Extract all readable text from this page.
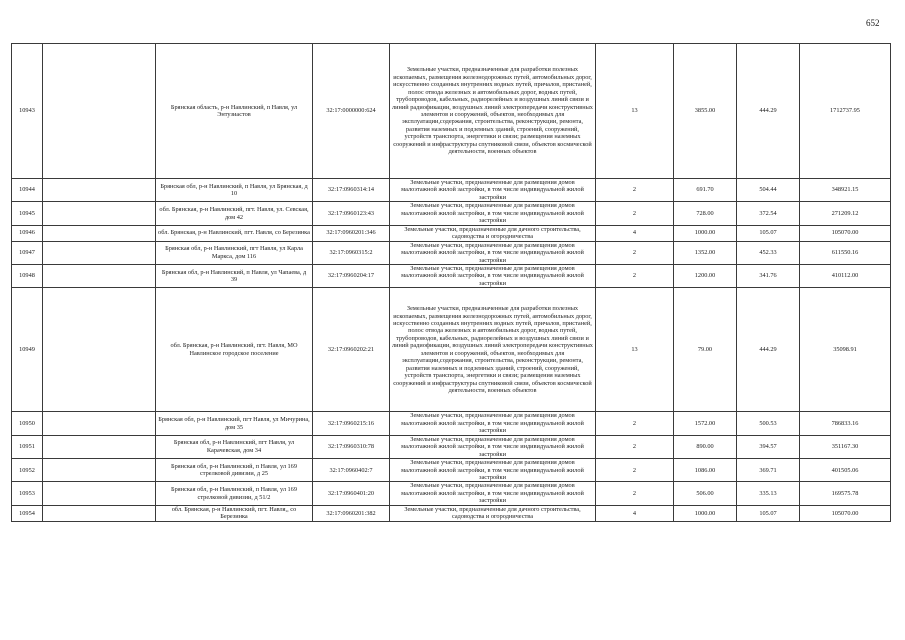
652
10943		Брянская область, р-н Навлинский, п Навля, ул Энтузиастов	32:17:0000000:624	Земельные участки, предназначенные для разработки полезных ископаемых, размещения железнодорожных путей, автомобильных дорог, искусственно созданных внутренних водных путей, причалов, пристаней, полос отвода железных и автомобильных дорог, водных путей, трубопроводов, кабельных, радиорелейных и воздушных линий связи и линий радиофикации, воздушных линий электропередачи конструктивных элементов и сооружений, объектов, необходимых для эксплуатации,содержания, строительства, реконструкции, ремонта, развития наземных и подземных зданий, строений, сооружений, устройств транспорта, энергетики и связи; размещения наземных сооружений и инфраструктуры спутниковой связи, объектов космической деятельности, военных объектов	13	3855.00	444.29	1712737.95
10944		Брянская обл, р-н Навлинский, п Навля, ул Брянская, д 10	32:17:0960314:14	Земельные участки, предназначенные для размещения домов малоэтажной жилой застройки, в том числе индивидуальной жилой застройки	2	691.70	504.44	348921.15
10945		обл. Брянская, р-н Навлинский, пгт. Навля, ул. Севская, дом 42	32:17:0960123:43	Земельные участки, предназначенные для размещения домов малоэтажной жилой застройки, в том числе индивидуальной жилой застройки	2	728.00	372.54	271209.12
10946		обл. Брянская, р-н Навлинский, пгт. Навля, со Березинка	32:17:0960201:346	Земельные участки, предназначенные для дачного строительства, садоводства и огородничества	4	1000.00	105.07	105070.00
10947		Брянская обл, р-н Навлинский, пгт Навля, ул Карла Маркса, дом 116	32:17:0960315:2	Земельные участки, предназначенные для размещения домов малоэтажной жилой застройки, в том числе индивидуальной жилой застройки	2	1352.00	452.33	611550.16
10948		Брянская обл, р-н Навлинский, п Навля, ул Чапаева, д 39	32:17:0960204:17	Земельные участки, предназначенные для размещения домов малоэтажной жилой застройки, в том числе индивидуальной жилой застройки	2	1200.00	341.76	410112.00
10949		обл. Брянская, р-н Навлинский, пгт. Навля, МО Навлинское городское поселение	32:17:0960202:21	Земельные участки, предназначенные для разработки полезных ископаемых, размещения железнодорожных путей, автомобильных дорог, искусственно созданных внутренних водных путей, причалов, пристаней, полос отвода железных и автомобильных дорог, водных путей, трубопроводов, кабельных, радиорелейных и воздушных линий связи и линий радиофикации, воздушных линий электропередачи конструктивных элементов и сооружений, объектов, необходимых для эксплуатации,содержания, строительства, реконструкции, ремонта, развития наземных и подземных зданий, строений, сооружений, устройств транспорта, энергетики и связи; размещения наземных сооружений и инфраструктуры спутниковой связи, объектов космической деятельности, военных объектов	13	79.00	444.29	35098.91
10950		Брянская обл, р-н Навлинский, пгт Навля, ул Мичурина, дом 35	32:17:0960215:16	Земельные участки, предназначенные для размещения домов малоэтажной жилой застройки, в том числе индивидуальной жилой застройки	2	1572.00	500.53	786833.16
10951		Брянская обл, р-н Навлинский, пгт Навля, ул Карачевская, дом 34	32:17:0960310:78	Земельные участки, предназначенные для размещения домов малоэтажной жилой застройки, в том числе индивидуальной жилой застройки	2	890.00	394.57	351167.30
10952		Брянская обл, р-н Навлинский, п Навля, ул 169 стрелковой дивизии, д 25	32:17:0960402:7	Земельные участки, предназначенные для размещения домов малоэтажной жилой застройки, в том числе индивидуальной жилой застройки	2	1086.00	369.71	401505.06
10953		Брянская обл, р-н Навлинский, п Навля, ул 169 стрелковой дивизии, д 51/2	32:17:0960401:20	Земельные участки, предназначенные для размещения домов малоэтажной жилой застройки, в том числе индивидуальной жилой застройки	2	506.00	335.13	169575.78
10954		обл. Брянская, р-н Навлинский, пгт. Навля,, со Березинка	32:17:0960201:382	Земельные участки, предназначенные для дачного строительства, садоводства и огородничества	4	1000.00	105.07	105070.00
